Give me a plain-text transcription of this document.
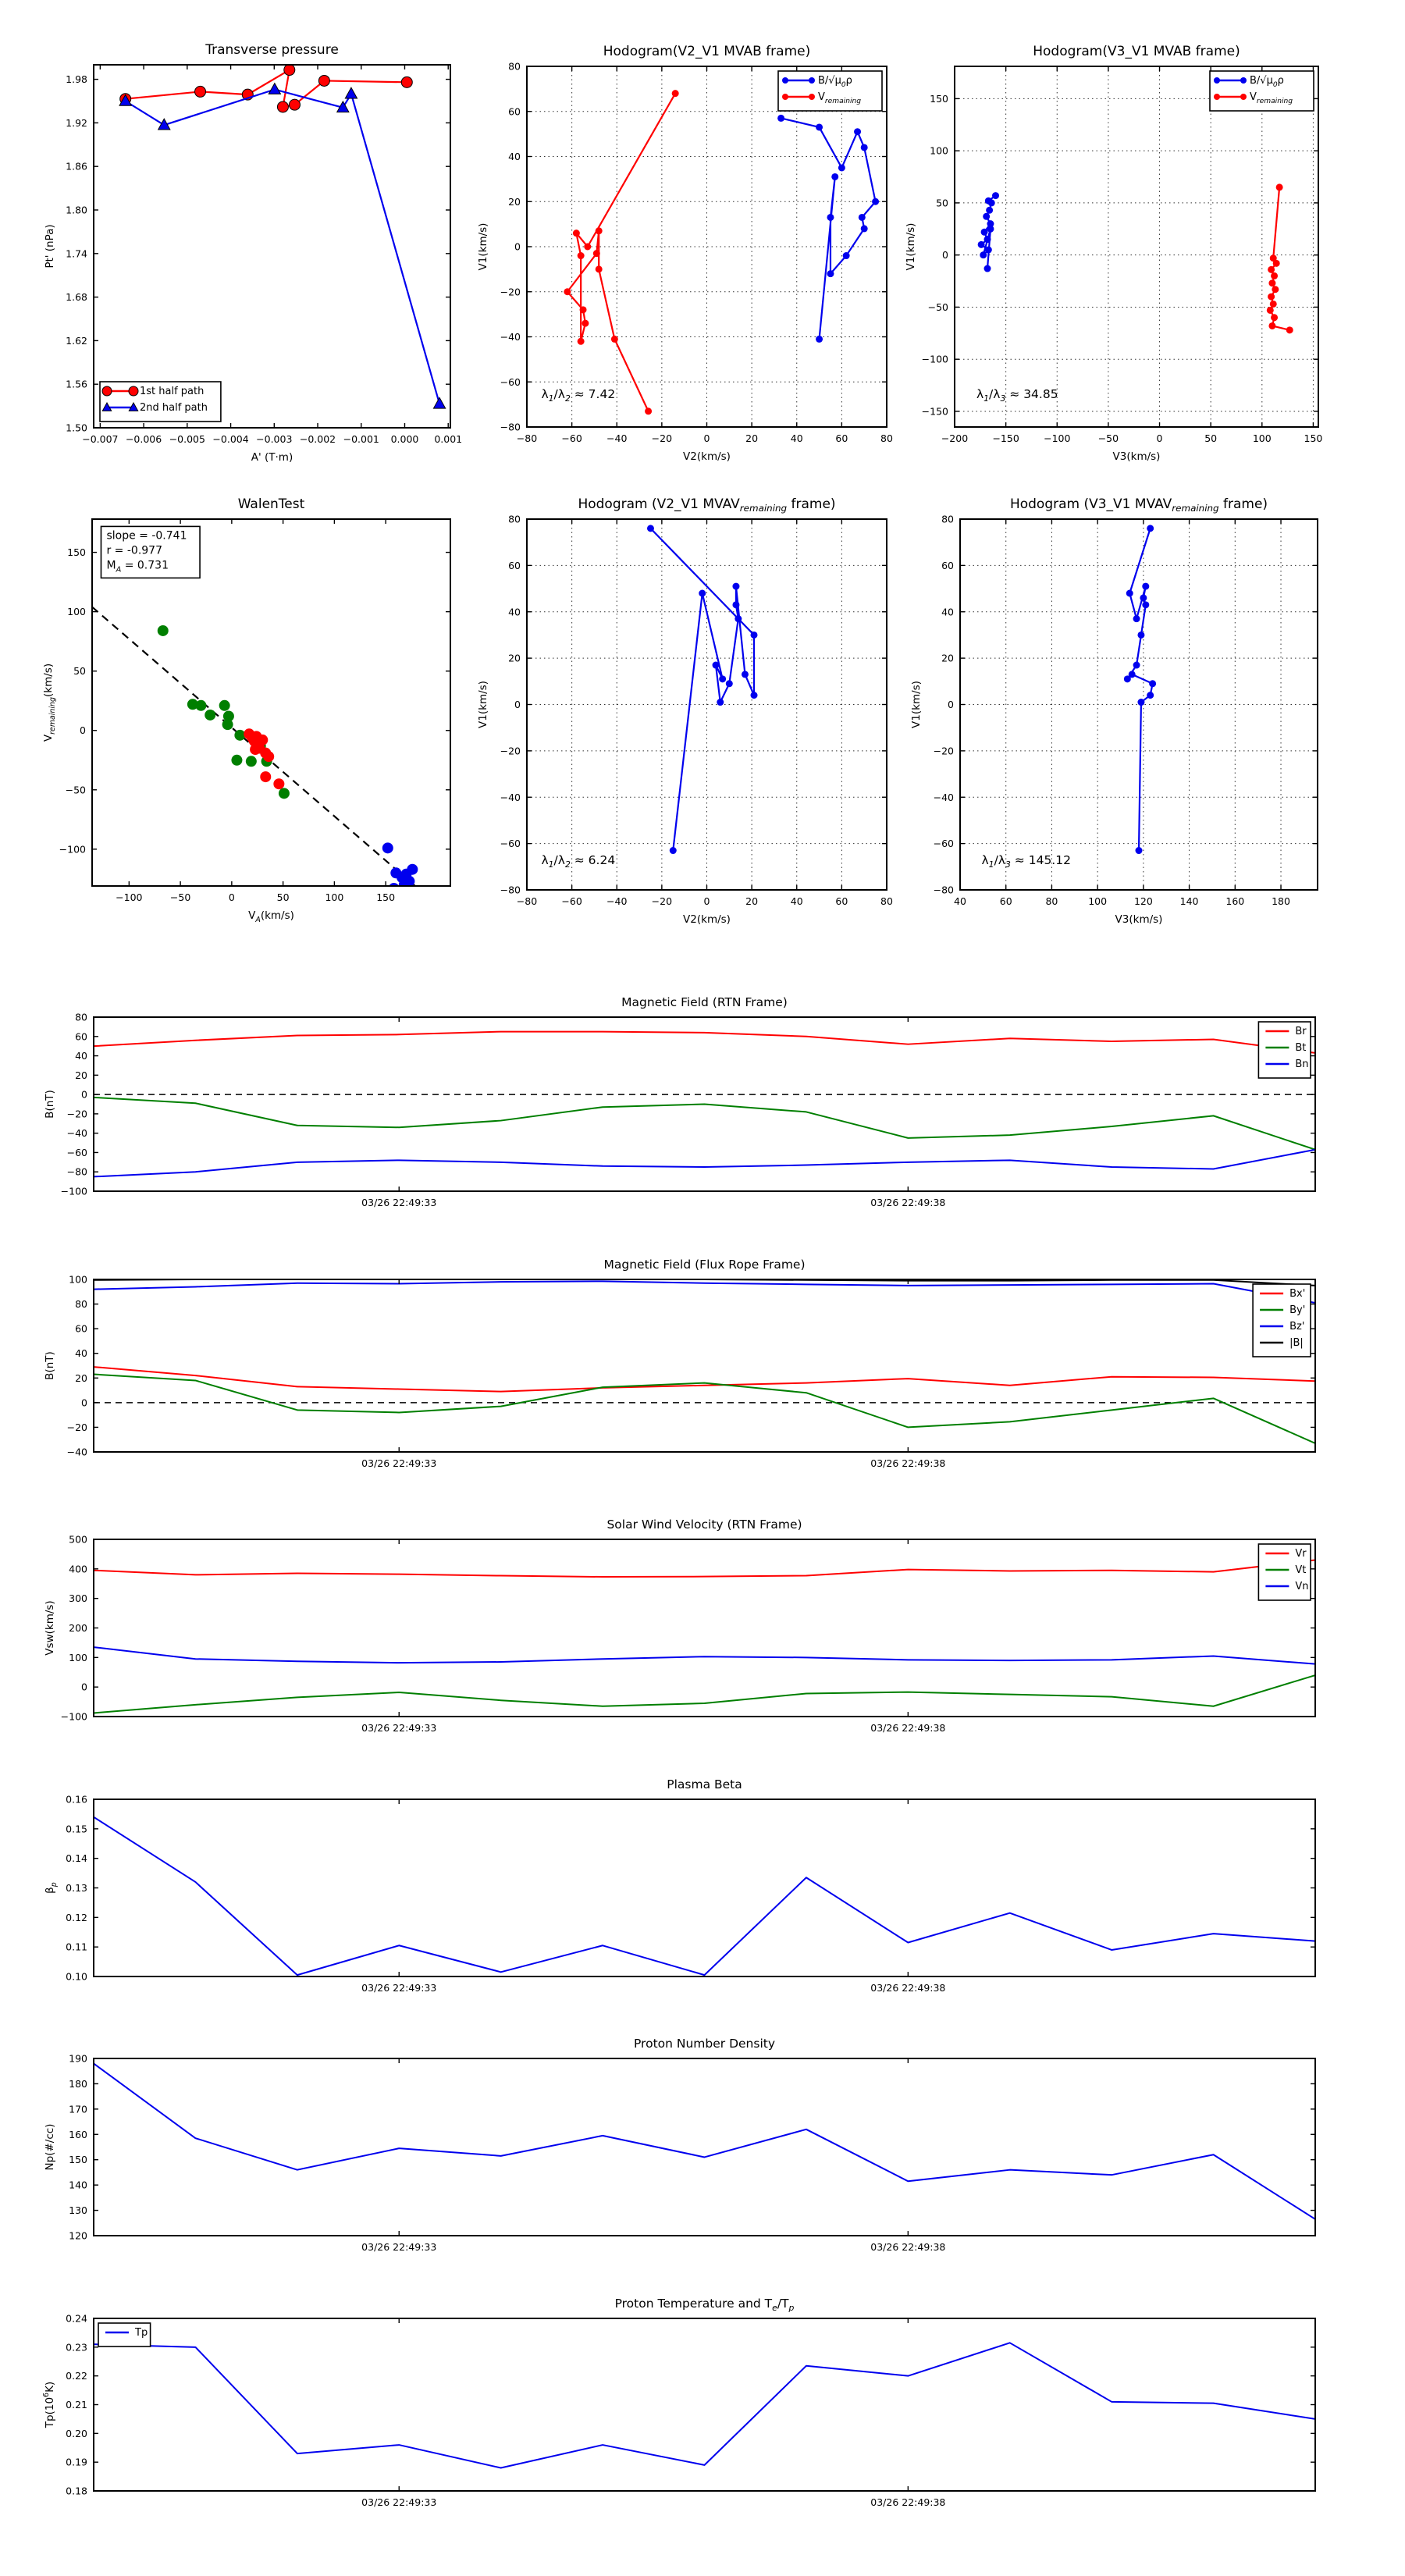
−0.007 −0.006 −0.005 −0.004 −0.003 −0.002 −0.001 0.000 0.001
1.50
1.56
1.62
1.68
1.74
1.80
1.86
1.92
1.98
Transverse pressure
A' (T·m)
Pt' (nPa)
1st half path
2nd half path
−80 −60 −40 −20	0	20	40	60	80
−80
−60
−40
−20
0
20
40
60
80
Hodogram(V2_V1 MVAB frame)
V2(km/s)
V1(km/s)
$B/√\mu_0\rho$
$V_{remaining}$
$\lambda_1/\lambda_2 \approx 7.42$
−200	−150	−100	−50	0	50	100	150
−150
−100
−50
0
50
100
150
Hodogram(V3_V1 MVAB frame)
V3(km/s)
V1(km/s)
$B/√\mu_0\rho$
$V_{remaining}$
$\lambda_1/\lambda_3 \approx 34.85$
−100	−50	0	50	100	150
−100
−50
0
50
100
150
WalenTest
$V_A(km/s)$
$V_{remaining}(km/s)$
slope = -0.741
r = -0.977
$M_A = 0.731$
−80 −60 −40 −20	0	20	40	60	80
−80
−60
−40
−20
0
20
40
60
80
Hodogram (V2_V1 $MVAV_{remaining}$ frame)
V2(km/s)
V1(km/s)
$\lambda_1/\lambda_2 \approx 6.24$
40	60	80	100	120	140	160	180
−80
−60
−40
−20
0
20
40
60
80
Hodogram (V3_V1 $MVAV_{remaining}$ frame)
V3(km/s)
V1(km/s)
$\lambda_1/\lambda_3 \approx 145.12$
03/26 22:49:33	03/26 22:49:38
−100
−80
−60
−40
−20
0
20
40
60
80
Magnetic Field (RTN Frame)
B(nT)
Br
Bt
Bn
03/26 22:49:33	03/26 22:49:38
−40
−20
0
20
40
60
80
100
Magnetic Field (Flux Rope Frame)
B(nT)
Bx'
By'
Bz'
|B|
03/26 22:49:33	03/26 22:49:38
−100
0
100
200
300
400
500
Solar Wind Velocity (RTN Frame)
Vsw(km/s)
Vr
Vt
Vn
03/26 22:49:33	03/26 22:49:38
0.10
0.11
0.12
0.13
0.14
0.15
0.16
Plasma Beta
$\beta_p$
03/26 22:49:33	03/26 22:49:38
120
130
140
150
160
170
180
190
Proton Number Density
Np(#/cc)
03/26 22:49:33	03/26 22:49:38
0.18
0.19
0.20
0.21
0.22
0.23
0.24
Proton Temperature and $T_e/T_p$
$Tp(10^6K)$
Tp
